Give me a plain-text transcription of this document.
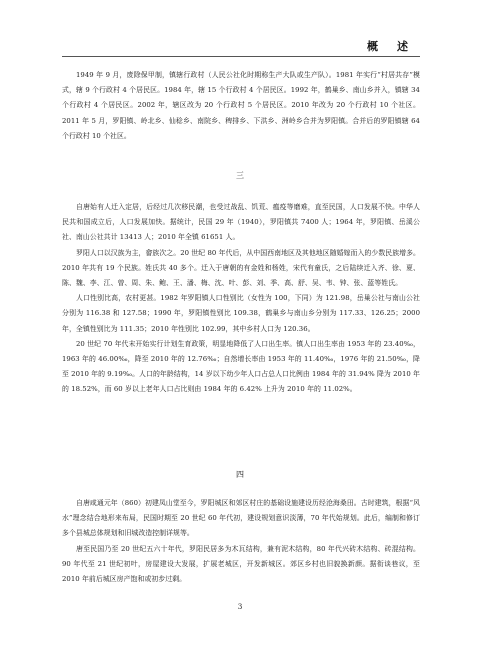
概　述

1949 年 9 月，废除保甲制，镇辖行政村（人民公社化时期称生产大队或生产队）。1981 年实行“村居共存”模式，辖 9 个行政村 4 个居民区。1984 年，辖 15 个行政村 4 个居民区。1992 年，鹤巢乡、南山乡并入，镇辖 34 个行政村 4 个居民区。2002 年，辖区改为 20 个行政村 5 个居民区。2010 年改为 20 个行政村 10 个社区。2011 年 5 月，罗阳镇、岭北乡、仙稔乡、南院乡、稗排乡、下洪乡、洲岭乡合并为罗阳镇。合并后的罗阳镇辖 64 个行政村 10 个社区。

三

自唐始有人迁入定居，后经过几次移民潮，也受过战乱、饥荒、瘟疫等磨难，直至民国，人口发展不快。中华人民共和国成立后，人口发展加快。据统计，民国 29 年（1940），罗阳镇共 7400 人；1964 年，罗阳镇、岳溪公社、南山公社共计 13413 人；2010 年全镇 61651 人。

罗阳人口以汉族为主，畲族次之。20 世纪 80 年代后，从中国西南地区及其他地区随婚嫁而入的少数民族增多。2010 年共有 19 个民族。姓氏共 40 多个。迁入于唐朝的有金姓和杨姓，宋代有童氏，之后陆续迁入齐、徐、夏、陈、魏、李、江、曾、周、朱、鲍、王、潘、梅、沈、叶、彭、刘、季、高、舒、吴、韦、钟、张、蓝等姓氏。

人口性别比高，农村更甚。1982 年罗阳镇人口性别比（女性为 100，下同）为 121.98，岳巢公社与南山公社分别为 116.38 和 127.58；1990 年，罗阳镇性别比 109.38，鹤巢乡与南山乡分别为 117.33、126.25；2000 年，全镇性别比为 111.35；2010 年性别比 102.99，其中乡村人口为 120.36。

20 世纪 70 年代末开始实行计划生育政策，明显地降低了人口出生率。镇人口出生率由 1953 年的 23.40‰，1963 年的 46.00‰，降至 2010 年的 12.76‰；自然增长率由 1953 年的 11.40‰，1976 年的 21.50‰，降至 2010 年的 9.19‰。人口的年龄结构，14 岁以下幼少年人口占总人口比例由 1984 年的 31.94% 降为 2010 年的 18.52%，而 60 岁以上老年人口占比则由 1984 年的 6.42% 上升为 2010 年的 11.02%。

四

自唐咸通元年（860）初建凤山堂至今，罗阳城区和郊区村庄的基础设施建设历经沧海桑田。古时建筑，根据“风水”理念结合地形来布局，民国时期至 20 世纪 60 年代初，建设规划意识淡薄，70 年代始规划。此后，编制和修订多个县城总体规划和旧城改造控制详规等。

唐至民国乃至 20 世纪五六十年代，罗阳民居多为木瓦结构，兼有泥木结构，80 年代兴砖木结构、砖混结构。90 年代至 21 世纪初叶，房屋建设大发展，扩展老城区，开发新城区。郊区乡村也旧貌换新颜。据衔谈巷议，至 2010 年前后城区房产饱和或初步过剩。

3
